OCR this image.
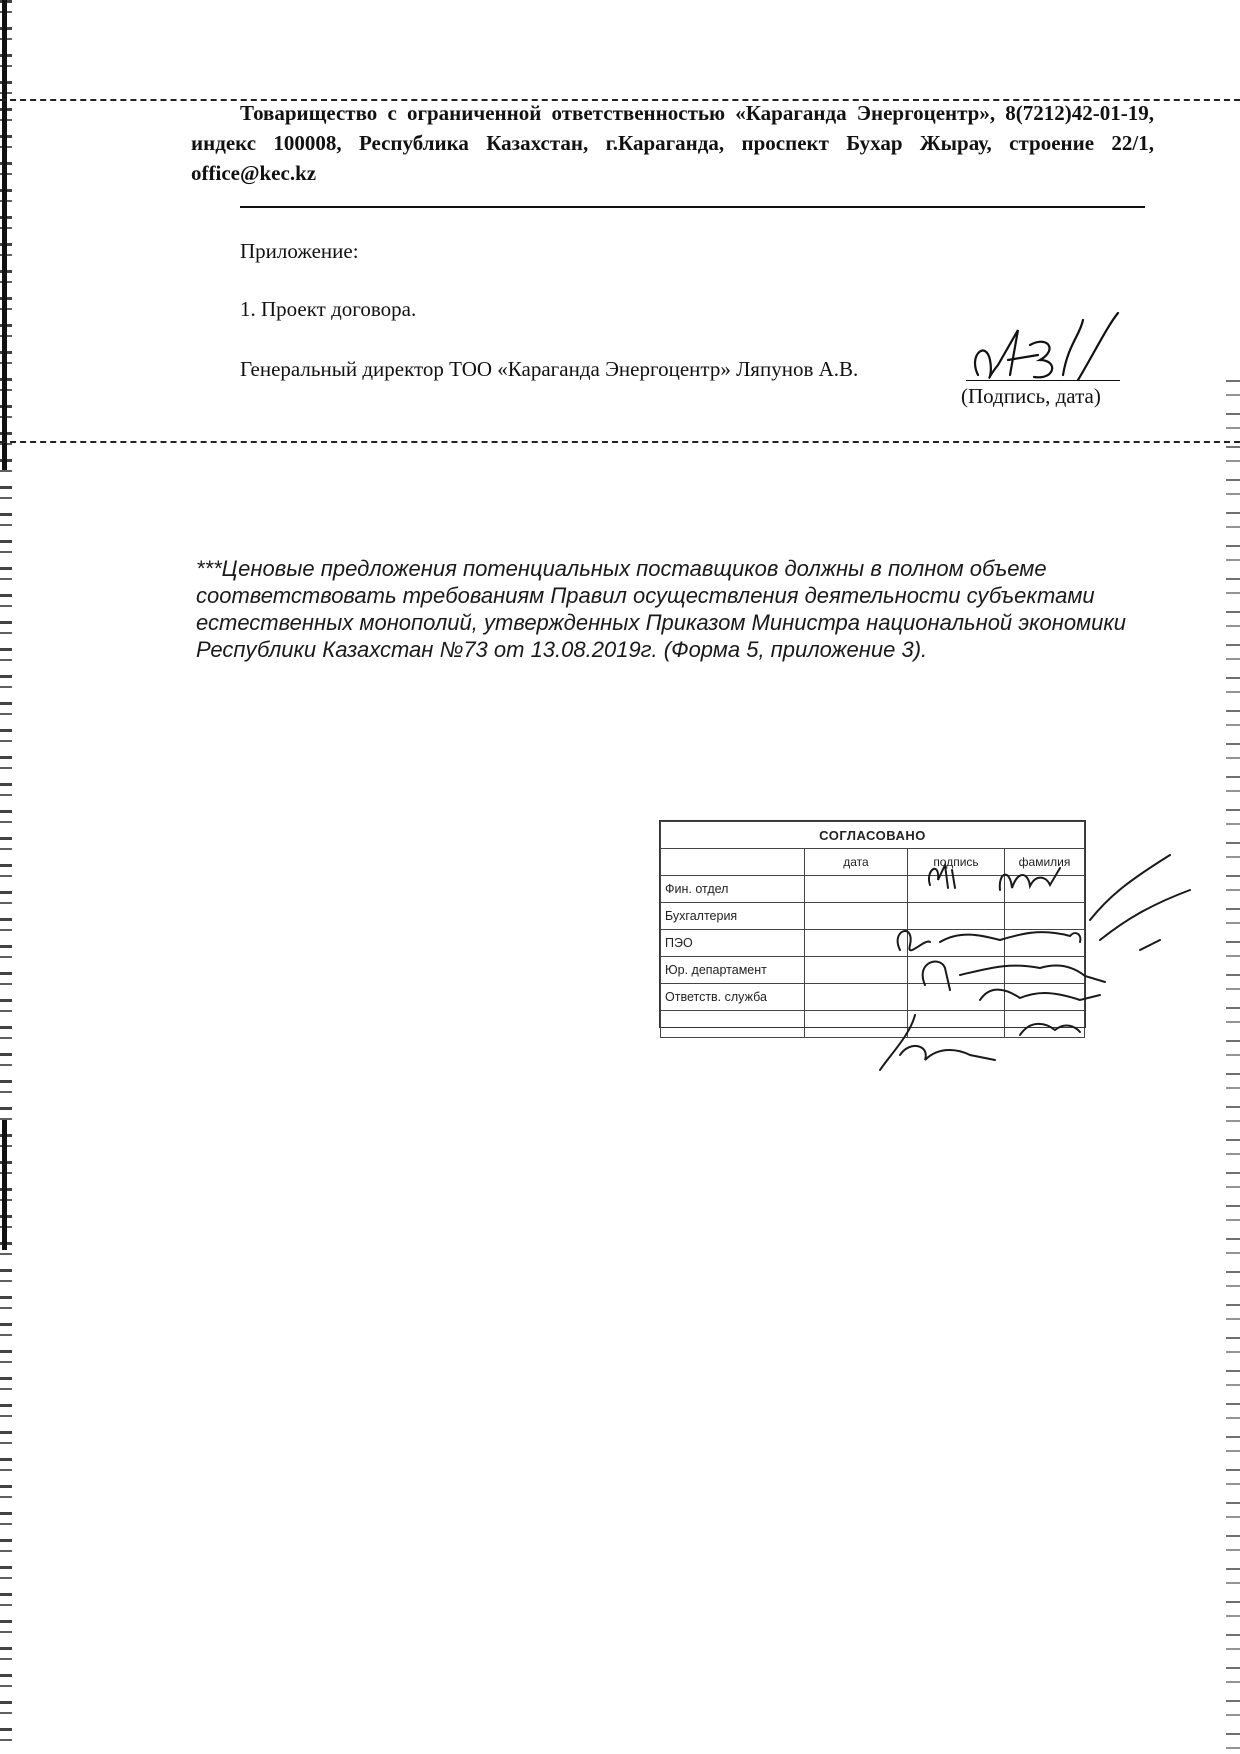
Товарищество с ограниченной ответственностью «Караганда Энергоцентр», 8(7212)42-01-19, индекс 100008, Республика Казахстан, г.Караганда, проспект Бухар Жырау, строение 22/1, office@kec.kz
Приложение:
1. Проект договора.
Генеральный директор ТОО «Караганда Энергоцентр» Ляпунов А.В.
(Подпись, дата)
***Ценовые предложения потенциальных поставщиков должны в полном объеме соответствовать требованиям Правил осуществления деятельности субъектами естественных монополий, утвержденных Приказом Министра национальной экономики Республики Казахстан №73 от 13.08.2019г. (Форма 5, приложение 3).
СОГЛАСОВАНО			
	дата	подпись	фамилия
Фин. отдел			
Бухгалтерия			
ПЭО			
Юр. департамент			
Ответств. служба			
